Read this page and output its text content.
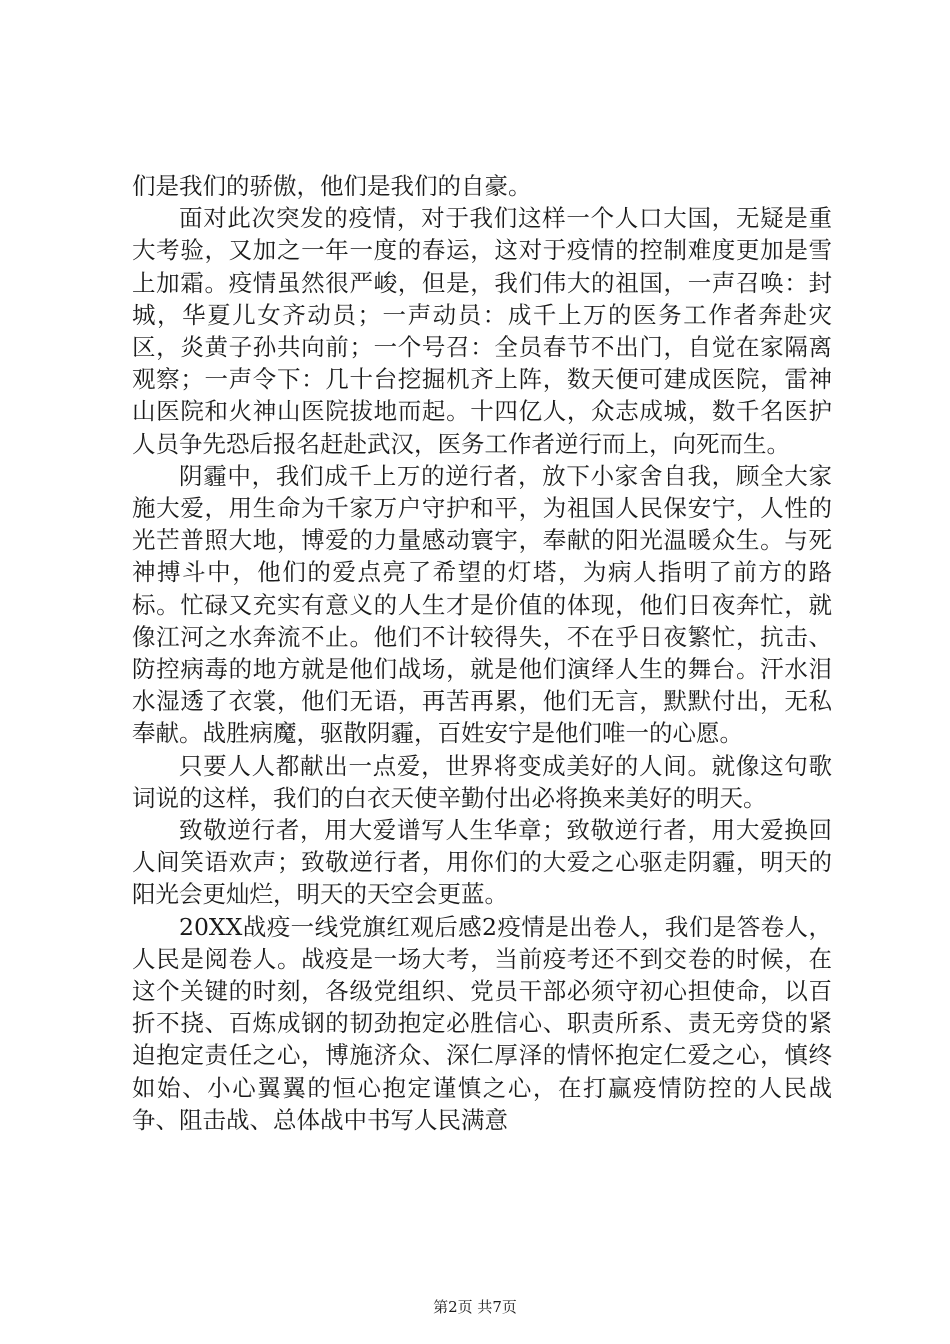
们是我们的骄傲，他们是我们的自豪。

面对此次突发的疫情，对于我们这样一个人口大国，无疑是重大考验，又加之一年一度的春运，这对于疫情的控制难度更加是雪上加霜。疫情虽然很严峻，但是，我们伟大的祖国，一声召唤：封城，华夏儿女齐动员；一声动员：成千上万的医务工作者奔赴灾区，炎黄子孙共向前；一个号召：全员春节不出门，自觉在家隔离观察；一声令下：几十台挖掘机齐上阵，数天便可建成医院，雷神山医院和火神山医院拔地而起。十四亿人，众志成城，数千名医护人员争先恐后报名赶赴武汉，医务工作者逆行而上，向死而生。

阴霾中，我们成千上万的逆行者，放下小家舍自我，顾全大家施大爱，用生命为千家万户守护和平，为祖国人民保安宁，人性的光芒普照大地，博爱的力量感动寰宇，奉献的阳光温暖众生。与死神搏斗中，他们的爱点亮了希望的灯塔，为病人指明了前方的路标。忙碌又充实有意义的人生才是价值的体现，他们日夜奔忙，就像江河之水奔流不止。他们不计较得失，不在乎日夜繁忙，抗击、防控病毒的地方就是他们战场，就是他们演绎人生的舞台。汗水泪水湿透了衣裳，他们无语，再苦再累，他们无言，默默付出，无私奉献。战胜病魔，驱散阴霾，百姓安宁是他们唯一的心愿。

只要人人都献出一点爱，世界将变成美好的人间。就像这句歌词说的这样，我们的白衣天使辛勤付出必将换来美好的明天。

致敬逆行者，用大爱谱写人生华章；致敬逆行者，用大爱换回人间笑语欢声；致敬逆行者，用你们的大爱之心驱走阴霾，明天的阳光会更灿烂，明天的天空会更蓝。

20XX战疫一线党旗红观后感2疫情是出卷人，我们是答卷人，人民是阅卷人。战疫是一场大考，当前疫考还不到交卷的时候，在这个关键的时刻，各级党组织、党员干部必须守初心担使命，以百折不挠、百炼成钢的韧劲抱定必胜信心、职责所系、责无旁贷的紧迫抱定责任之心，博施济众、深仁厚泽的情怀抱定仁爱之心，慎终如始、小心翼翼的恒心抱定谨慎之心，在打赢疫情防控的人民战争、阻击战、总体战中书写人民满意

第2页 共7页
